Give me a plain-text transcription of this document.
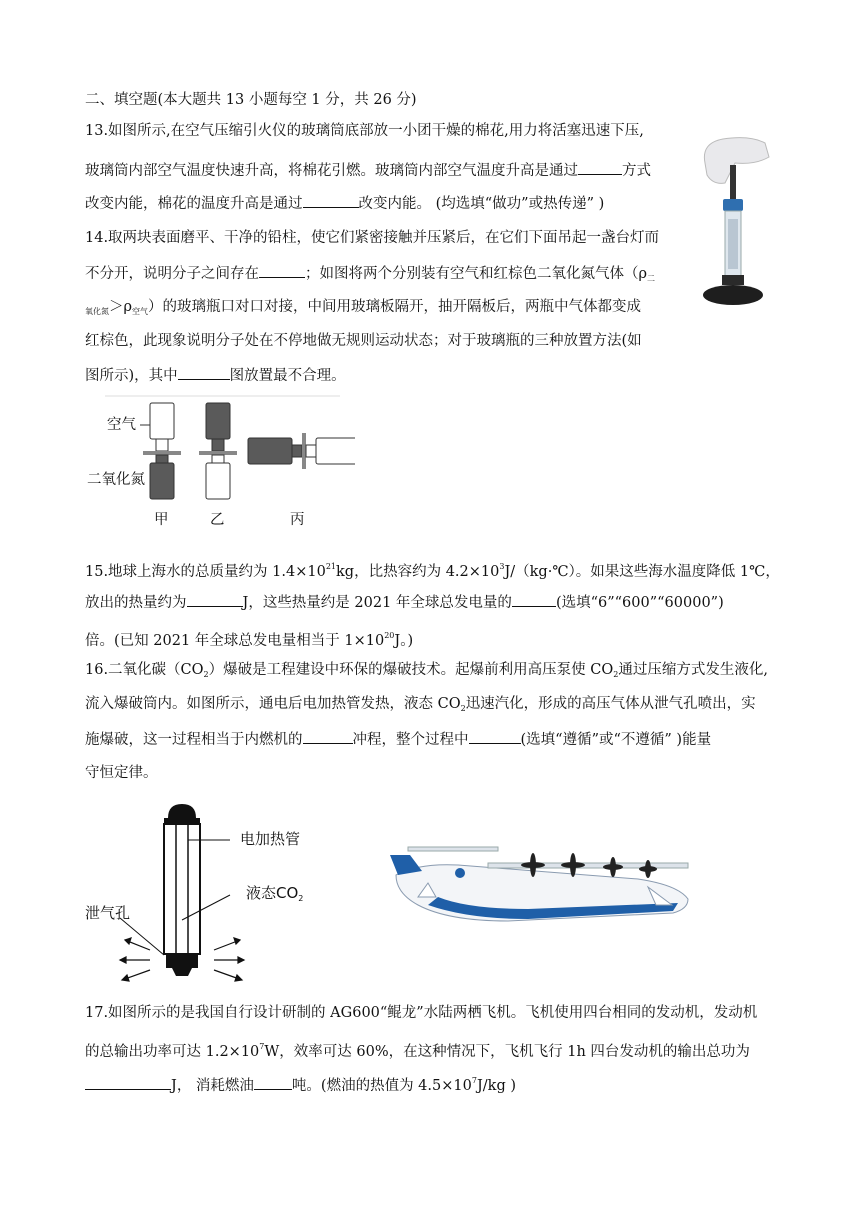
二、填空题(本大题共 13 小题每空 1 分，共 26 分)
13.如图所示,在空气压缩引火仪的玻璃筒底部放一小团干燥的棉花,用力将活塞迅速下压,
玻璃筒内部空气温度快速升高，将棉花引燃。玻璃筒内部空气温度升高是通过	方式
改变内能，棉花的温度升高是通过	改变内能。 (均选填“做功”或热传递” )
14.取两块表面磨平、干净的铅柱，使它们紧密接触并压紧后，在它们下面吊起一盏台灯而
不分开，说明分子之间存在	；如图将两个分别装有空气和红棕色二氧化氮气体（$\rho_二$
$_{氧化氮}>\rho_{空气}$）的玻璃瓶口对口对接，中间用玻璃板隔开，抽开隔板后，两瓶中气体都变成
红棕色，此现象说明分子处在不停地做无规则运动状态；对于玻璃瓶的三种放置方法(如
图所示)，其中	图放置最不合理。
空气
二氧化氮
甲	乙	丙
15.地球上海水的总质量约为 $1.4\times 10^{21}kg$，比热容约为 $4.2\times 10^3J/(kg\cdot℃)$。如果这些海水温度降低 1℃，
放出的热量约为	J，这些热量约是 2021 年全球总发电量的	(选填“6”“600”“60000”)
倍。(已知 2021 年全球总发电量相当于 $1\times 10^{20}J$。)
16.二氧化碳$(CO_2)$爆破是工程建设中环保的爆破技术。起爆前利用高压泵使 $CO_2$通过压缩方式发生液化,
流入爆破筒内。如图所示，通电后电加热管发热，液态 $CO_2$迅速汽化，形成的高压气体从泄气孔喷出，实
施爆破，这一过程相当于内燃机的	冲程，整个过程中	(选填“遵循”或“不遵循” )能量
守恒定律。
电加热管
液态$CO_2$
泄气孔
17.如图所示的是我国自行设计研制的 AG600“鲲龙”水陆两栖飞机。飞机使用四台相同的发动机，发动机
的总输出功率可达 $1.2\times 10^7W$，效率可达 60%，在这种情况下，飞机飞行 1h 四台发动机的输出总功为
J， 消耗燃油	吨。(燃油的热值为 $4.5\times 10^7J/kg$ )
